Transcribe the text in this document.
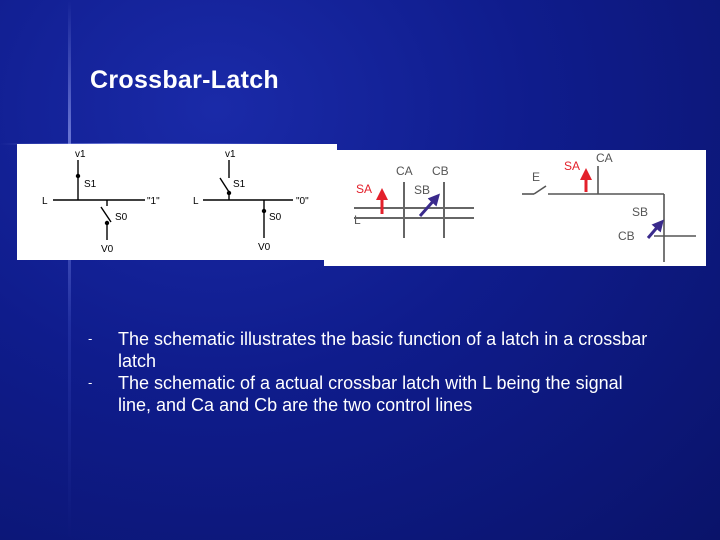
Crossbar-Latch
v1
S1
L	"1"
S0
V0
v1
S1
L	"0"
S0
V0
CA CB
SA	SB
L
E
SA
CA
SB
CB

- The schematic illustrates the basic function of a latch in a crossbar latch

- The schematic of a actual crossbar latch with L being the signal line, and Ca and Cb are the two control lines
